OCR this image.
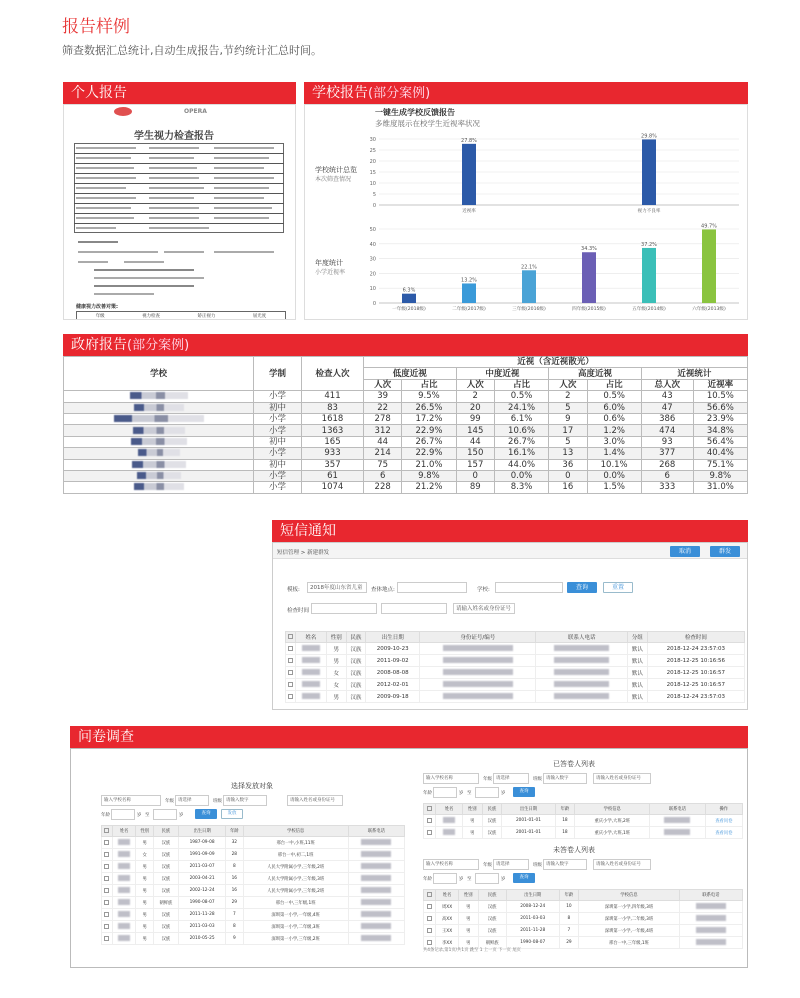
报告样例
筛查数据汇总统计,自动生成报告,节约统计汇总时间。
个人报告
OPERA
学生视力检查报告
健康视力改善对策:
年级	视力检查	矫正视力	屈光度
学校报告(部分案例)
一键生成学校反馈报告
多维度展示在校学生近视率状况
学校统计总览
本次筛查情况
年度统计
小学近视率
0
5
10
15
20
25
30	27.8%
近视率
29.8%
视力不良率
0
10
20
30
40
50
6.3%
一年级(2018级)
13.2%
二年级(2017级)
22.1%
三年级(2016级)
34.3%
四年级(2015级)
37.2%
五年级(2014级)
49.7%
六年级(2013级)
政府报告(部分案例)
学校	学制	检查人次	近视（含近视散光）							
			低度近视		中度近视		高度近视		近视统计	
			人次	占比	人次	占比	人次	占比	总人次	近视率
	小学	411	39	9.5%	2	0.5%	2	0.5%	43	10.5%
	初中	83	22	26.5%	20	24.1%	5	6.0%	47	56.6%
	小学	1618	278	17.2%	99	6.1%	9	0.6%	386	23.9%
	小学	1363	312	22.9%	145	10.6%	17	1.2%	474	34.8%
	初中	165	44	26.7%	44	26.7%	5	3.0%	93	56.4%
	小学	933	214	22.9%	150	16.1%	13	1.4%	377	40.4%
	初中	357	75	21.0%	157	44.0%	36	10.1%	268	75.1%
	小学	61	6	9.8%	0	0.0%	0	0.0%	6	9.8%
	小学	1074	228	21.2%	89	8.3%	16	1.5%	333	31.0%
短信通知
短信管理 > 新建群发	取消	群发
模板:	2018年度山东省儿童	查体地点:	学校:	查询	重置
检查时间	请输入姓名或身份证号
	姓名	性别	民族	出生日期	身份证号/编号	联系人电话	分组	检查时间
		男	汉族	2009-10-23			默认	2018-12-24 23:57:03
		男	汉族	2011-09-02			默认	2018-12-25 10:16:56
		女	汉族	2008-08-08			默认	2018-12-25 10:16:57
		女	汉族	2012-02-01			默认	2018-12-25 10:16:57
		男	汉族	2009-09-18			默认	2018-12-24 23:57:03
问卷调查
选择发放对象
输入学校名称	年级 请选择	班级 请输入数字	请输入姓名或身份证号
年龄	岁 至	岁	查询	发放
	姓名	性别	民族	出生日期	年龄	学校信息	联系电话
		男	汉族	1987-09-08	32	邢台一中,小班,11班	
		女	汉族	1991-09-09	28	邢台一中,初二,1班	
		男	汉族	2011-03-07	8	人民大学附属小学,三年级,2班	
		男	汉族	2003-04-21	16	人民大学附属小学,三年级,3班	
		男	汉族	2002-12-24	16	人民大学附属小学,三年级,2班	
		男	朝鲜族	1990-08-07	29	邢台一中,三年级,1班	
		男	汉族	2011-11-28	7	深圳第一小学,一年级,4班	
		男	汉族	2011-03-03	8	深圳第一小学,二年级,3班	
		男	汉族	2010-05-25	9	深圳第一小学,三年级,2班	
已答卷人列表
输入学校名称	年级 请选择	班级 请输入数字	请输入姓名或身份证号
年龄	岁 至	岁	查询
	姓名	性别	民族	出生日期	年龄	学校信息	联系电话	操作
		男	汉族	2001-01-01	18	重庆小学,大班,2班		查看问卷
		男	汉族	2001-01-01	18	重庆小学,大班,1班		查看问卷
未答卷人列表
输入学校名称	年级 请选择	班级 请输入数字	请输入姓名或身份证号
年龄	岁 至	岁	查询
	姓名	性别	民族	出生日期	年龄	学校信息	联系电话
	周XX	男	汉族	2008-12-24	10	深圳第一小学,四年级,3班	
	高XX	男	汉族	2011-03-03	8	深圳第一小学,二年级,3班	
	王XX	男	汉族	2011-11-28	7	深圳第一小学,一年级,4班	
	李XX	男	朝鲜族	1990-08-07	29	邢台一中,三年级,1班	
共4条记录,第1页/共1页 跳至 1 上一页 下一页 尾页
